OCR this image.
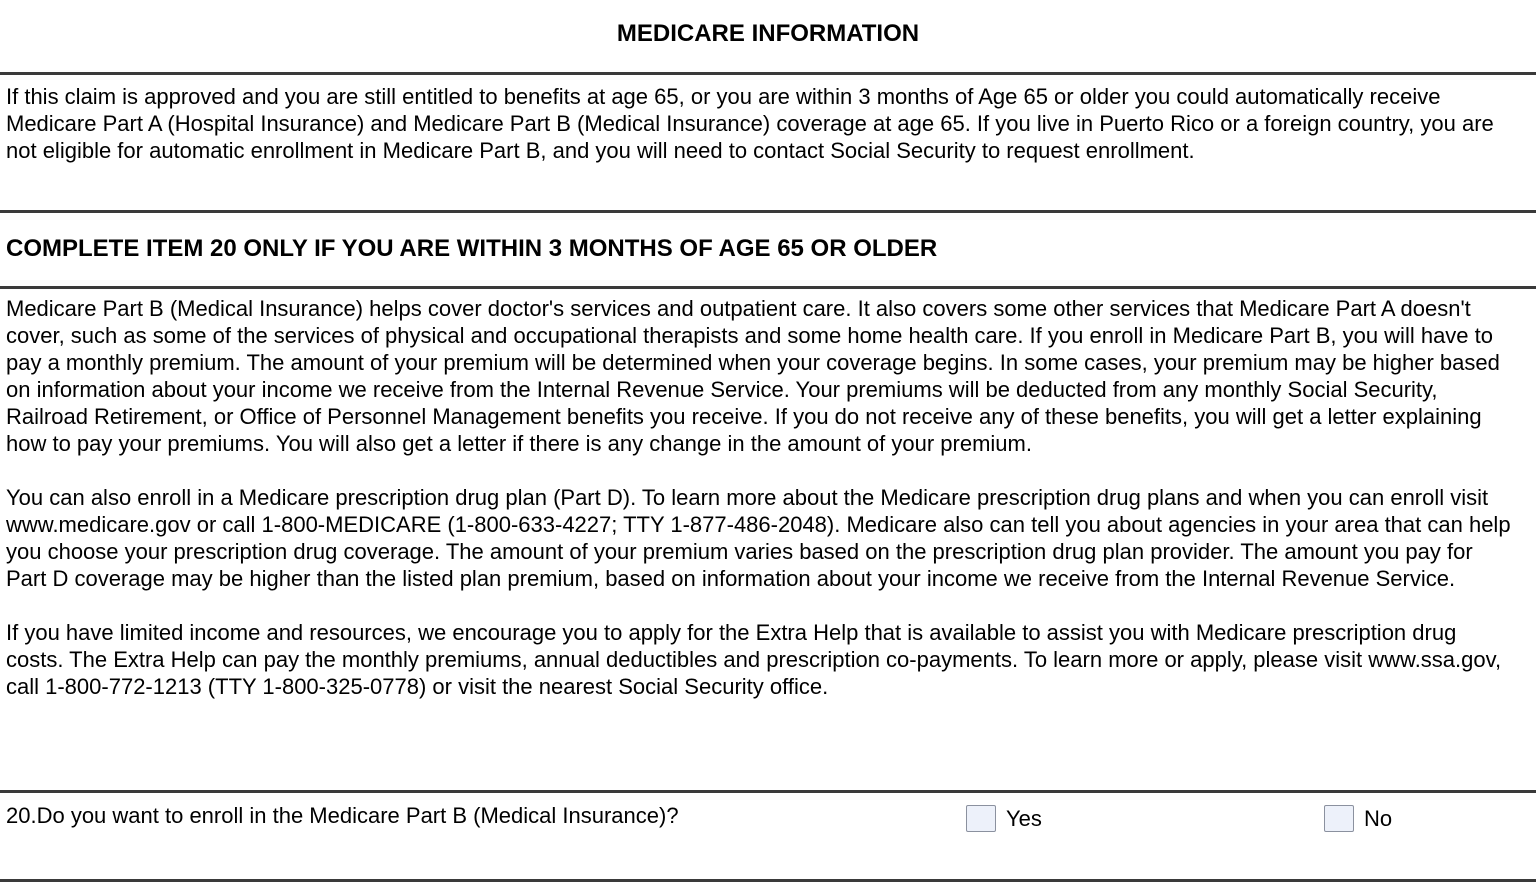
MEDICARE INFORMATION

If this claim is approved and you are still entitled to benefits at age 65, or you are within 3 months of Age 65 or older you could automatically receive Medicare Part A (Hospital Insurance) and Medicare Part B (Medical Insurance) coverage at age 65. If you live in Puerto Rico or a foreign country, you are not eligible for automatic enrollment in Medicare Part B, and you will need to contact Social Security to request enrollment.

COMPLETE ITEM 20 ONLY IF YOU ARE WITHIN 3 MONTHS OF AGE 65 OR OLDER

Medicare Part B (Medical Insurance) helps cover doctor's services and outpatient care. It also covers some other services that Medicare Part A doesn't cover, such as some of the services of physical and occupational therapists and some home health care. If you enroll in Medicare Part B, you will have to pay a monthly premium. The amount of your premium will be determined when your coverage begins. In some cases, your premium may be higher based on information about your income we receive from the Internal Revenue Service. Your premiums will be deducted from any monthly Social Security, Railroad Retirement, or Office of Personnel Management benefits you receive. If you do not receive any of these benefits, you will get a letter explaining how to pay your premiums. You will also get a letter if there is any change in the amount of your premium.

You can also enroll in a Medicare prescription drug plan (Part D). To learn more about the Medicare prescription drug plans and when you can enroll visit www.medicare.gov or call 1-800-MEDICARE (1-800-633-4227; TTY 1-877-486-2048). Medicare also can tell you about agencies in your area that can help you choose your prescription drug coverage. The amount of your premium varies based on the prescription drug plan provider. The amount you pay for Part D coverage may be higher than the listed plan premium, based on information about your income we receive from the Internal Revenue Service.

If you have limited income and resources, we encourage you to apply for the Extra Help that is available to assist you with Medicare prescription drug costs. The Extra Help can pay the monthly premiums, annual deductibles and prescription co-payments. To learn more or apply, please visit www.ssa.gov, call 1-800-772-1213 (TTY 1-800-325-0778) or visit the nearest Social Security office.

20.Do you want to enroll in the Medicare Part B (Medical Insurance)?	Yes	No
